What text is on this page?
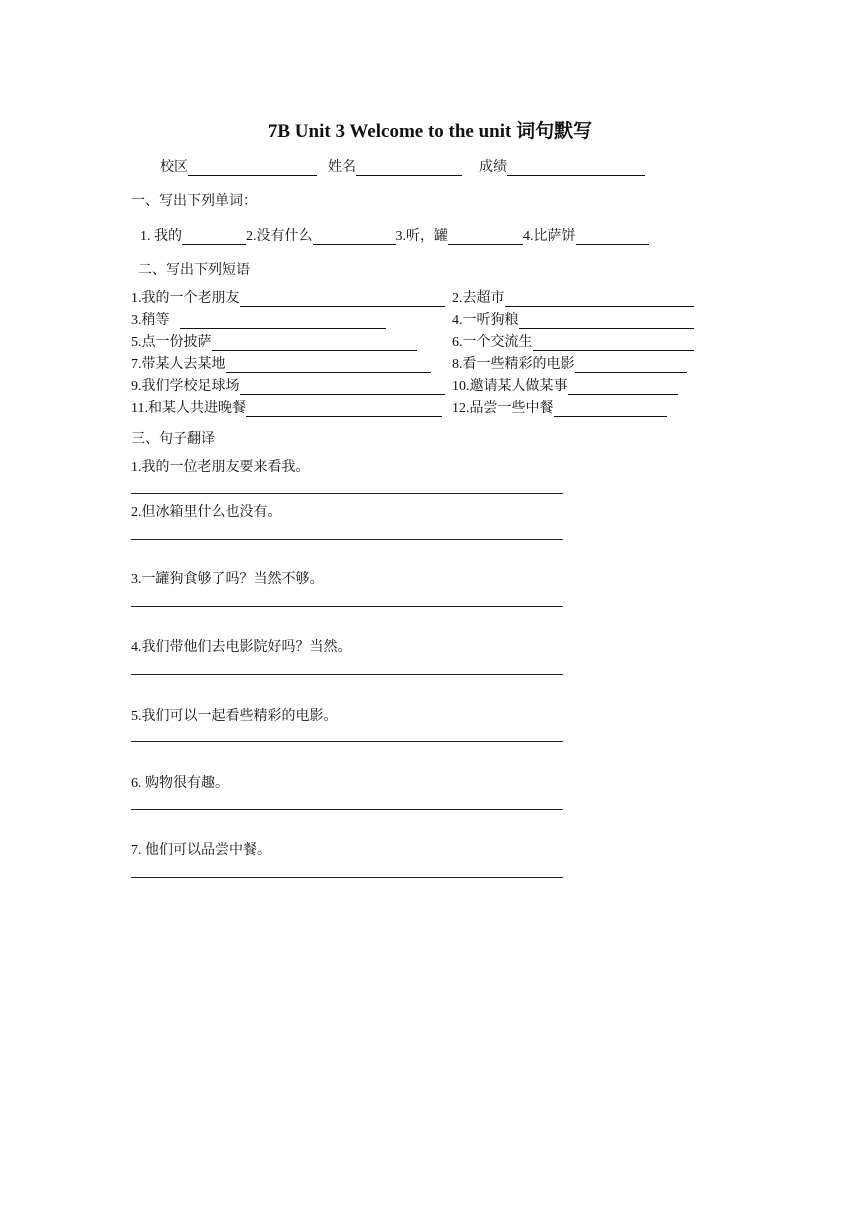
7B Unit 3 Welcome to the unit 词句默写
校区	姓名	成绩
一、写出下列单词：
1. 我的	2.没有什么	3.听，罐	4.比萨饼
二、写出下列短语
1.我的一个老朋友	2.去超市
3.稍等	4.一听狗粮
5.点一份披萨	6.一个交流生
7.带某人去某地	8.看一些精彩的电影
9.我们学校足球场	10.邀请某人做某事
11.和某人共进晚餐	12.品尝一些中餐
三、句子翻译
1.我的一位老朋友要来看我。
2.但冰箱里什么也没有。
3.一罐狗食够了吗？当然不够。
4.我们带他们去电影院好吗？当然。
5.我们可以一起看些精彩的电影。
6. 购物很有趣。
7. 他们可以品尝中餐。
